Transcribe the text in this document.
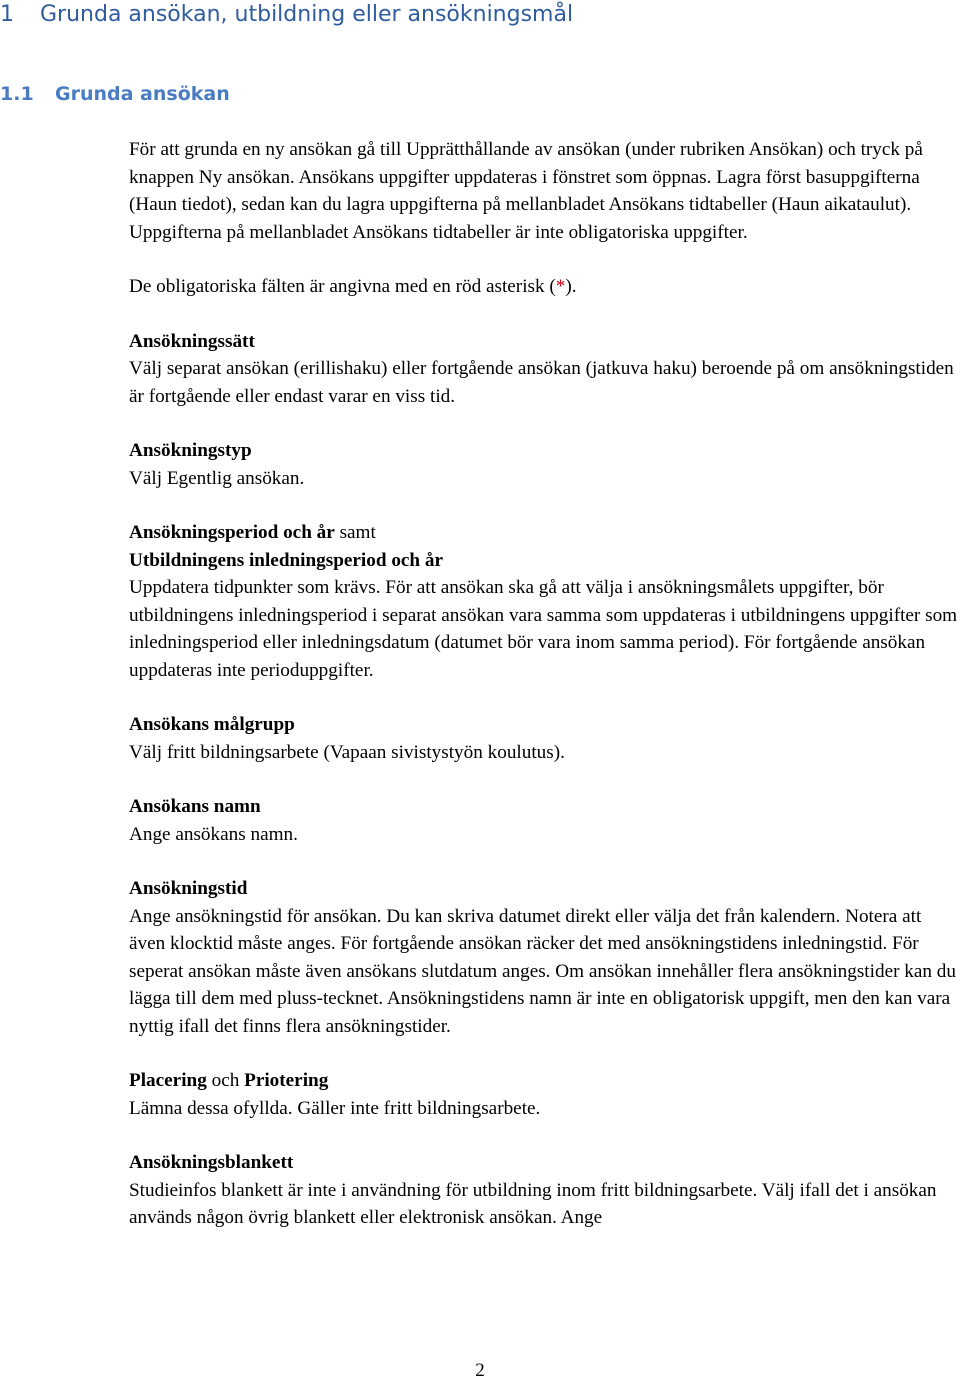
1 Grunda ansökan, utbildning eller ansökningsmål
1.1 Grunda ansökan

För att grunda en ny ansökan gå till Upprätthållande av ansökan (under rubriken Ansökan) och tryck på knappen Ny ansökan. Ansökans uppgifter uppdateras i fönstret som öppnas. Lagra först basuppgifterna (Haun tiedot), sedan kan du lagra uppgifterna på mellanbladet Ansökans tidtabeller (Haun aikataulut). Uppgifterna på mellanbladet Ansökans tidtabeller är inte obligatoriska uppgifter.

De obligatoriska fälten är angivna med en röd asterisk (*).

Ansökningssätt
Välj separat ansökan (erillishaku) eller fortgående ansökan (jatkuva haku) beroende på om ansökningstiden är fortgående eller endast varar en viss tid.

Ansökningstyp
Välj Egentlig ansökan.

Ansökningsperiod och år samt
Utbildningens inledningsperiod och år
Uppdatera tidpunkter som krävs. För att ansökan ska gå att välja i ansökningsmålets uppgifter, bör utbildningens inledningsperiod i separat ansökan vara samma som uppdateras i utbildningens uppgifter som inledningsperiod eller inledningsdatum (datumet bör vara inom samma period). För fortgående ansökan uppdateras inte perioduppgifter.

Ansökans målgrupp
Välj fritt bildningsarbete (Vapaan sivistystyön koulutus).

Ansökans namn
Ange ansökans namn.

Ansökningstid
Ange ansökningstid för ansökan. Du kan skriva datumet direkt eller välja det från kalendern. Notera att även klocktid måste anges. För fortgående ansökan räcker det med ansökningstidens inledningstid. För seperat ansökan måste även ansökans slutdatum anges. Om ansökan innehåller flera ansökningstider kan du lägga till dem med pluss-tecknet. Ansökningstidens namn är inte en obligatorisk uppgift, men den kan vara nyttig ifall det finns flera ansökningstider.

Placering och Priotering
Lämna dessa ofyllda. Gäller inte fritt bildningsarbete.

Ansökningsblankett
Studieinfos blankett är inte i användning för utbildning inom fritt bildningsarbete. Välj ifall det i ansökan används någon övrig blankett eller elektronisk ansökan. Ange

2
